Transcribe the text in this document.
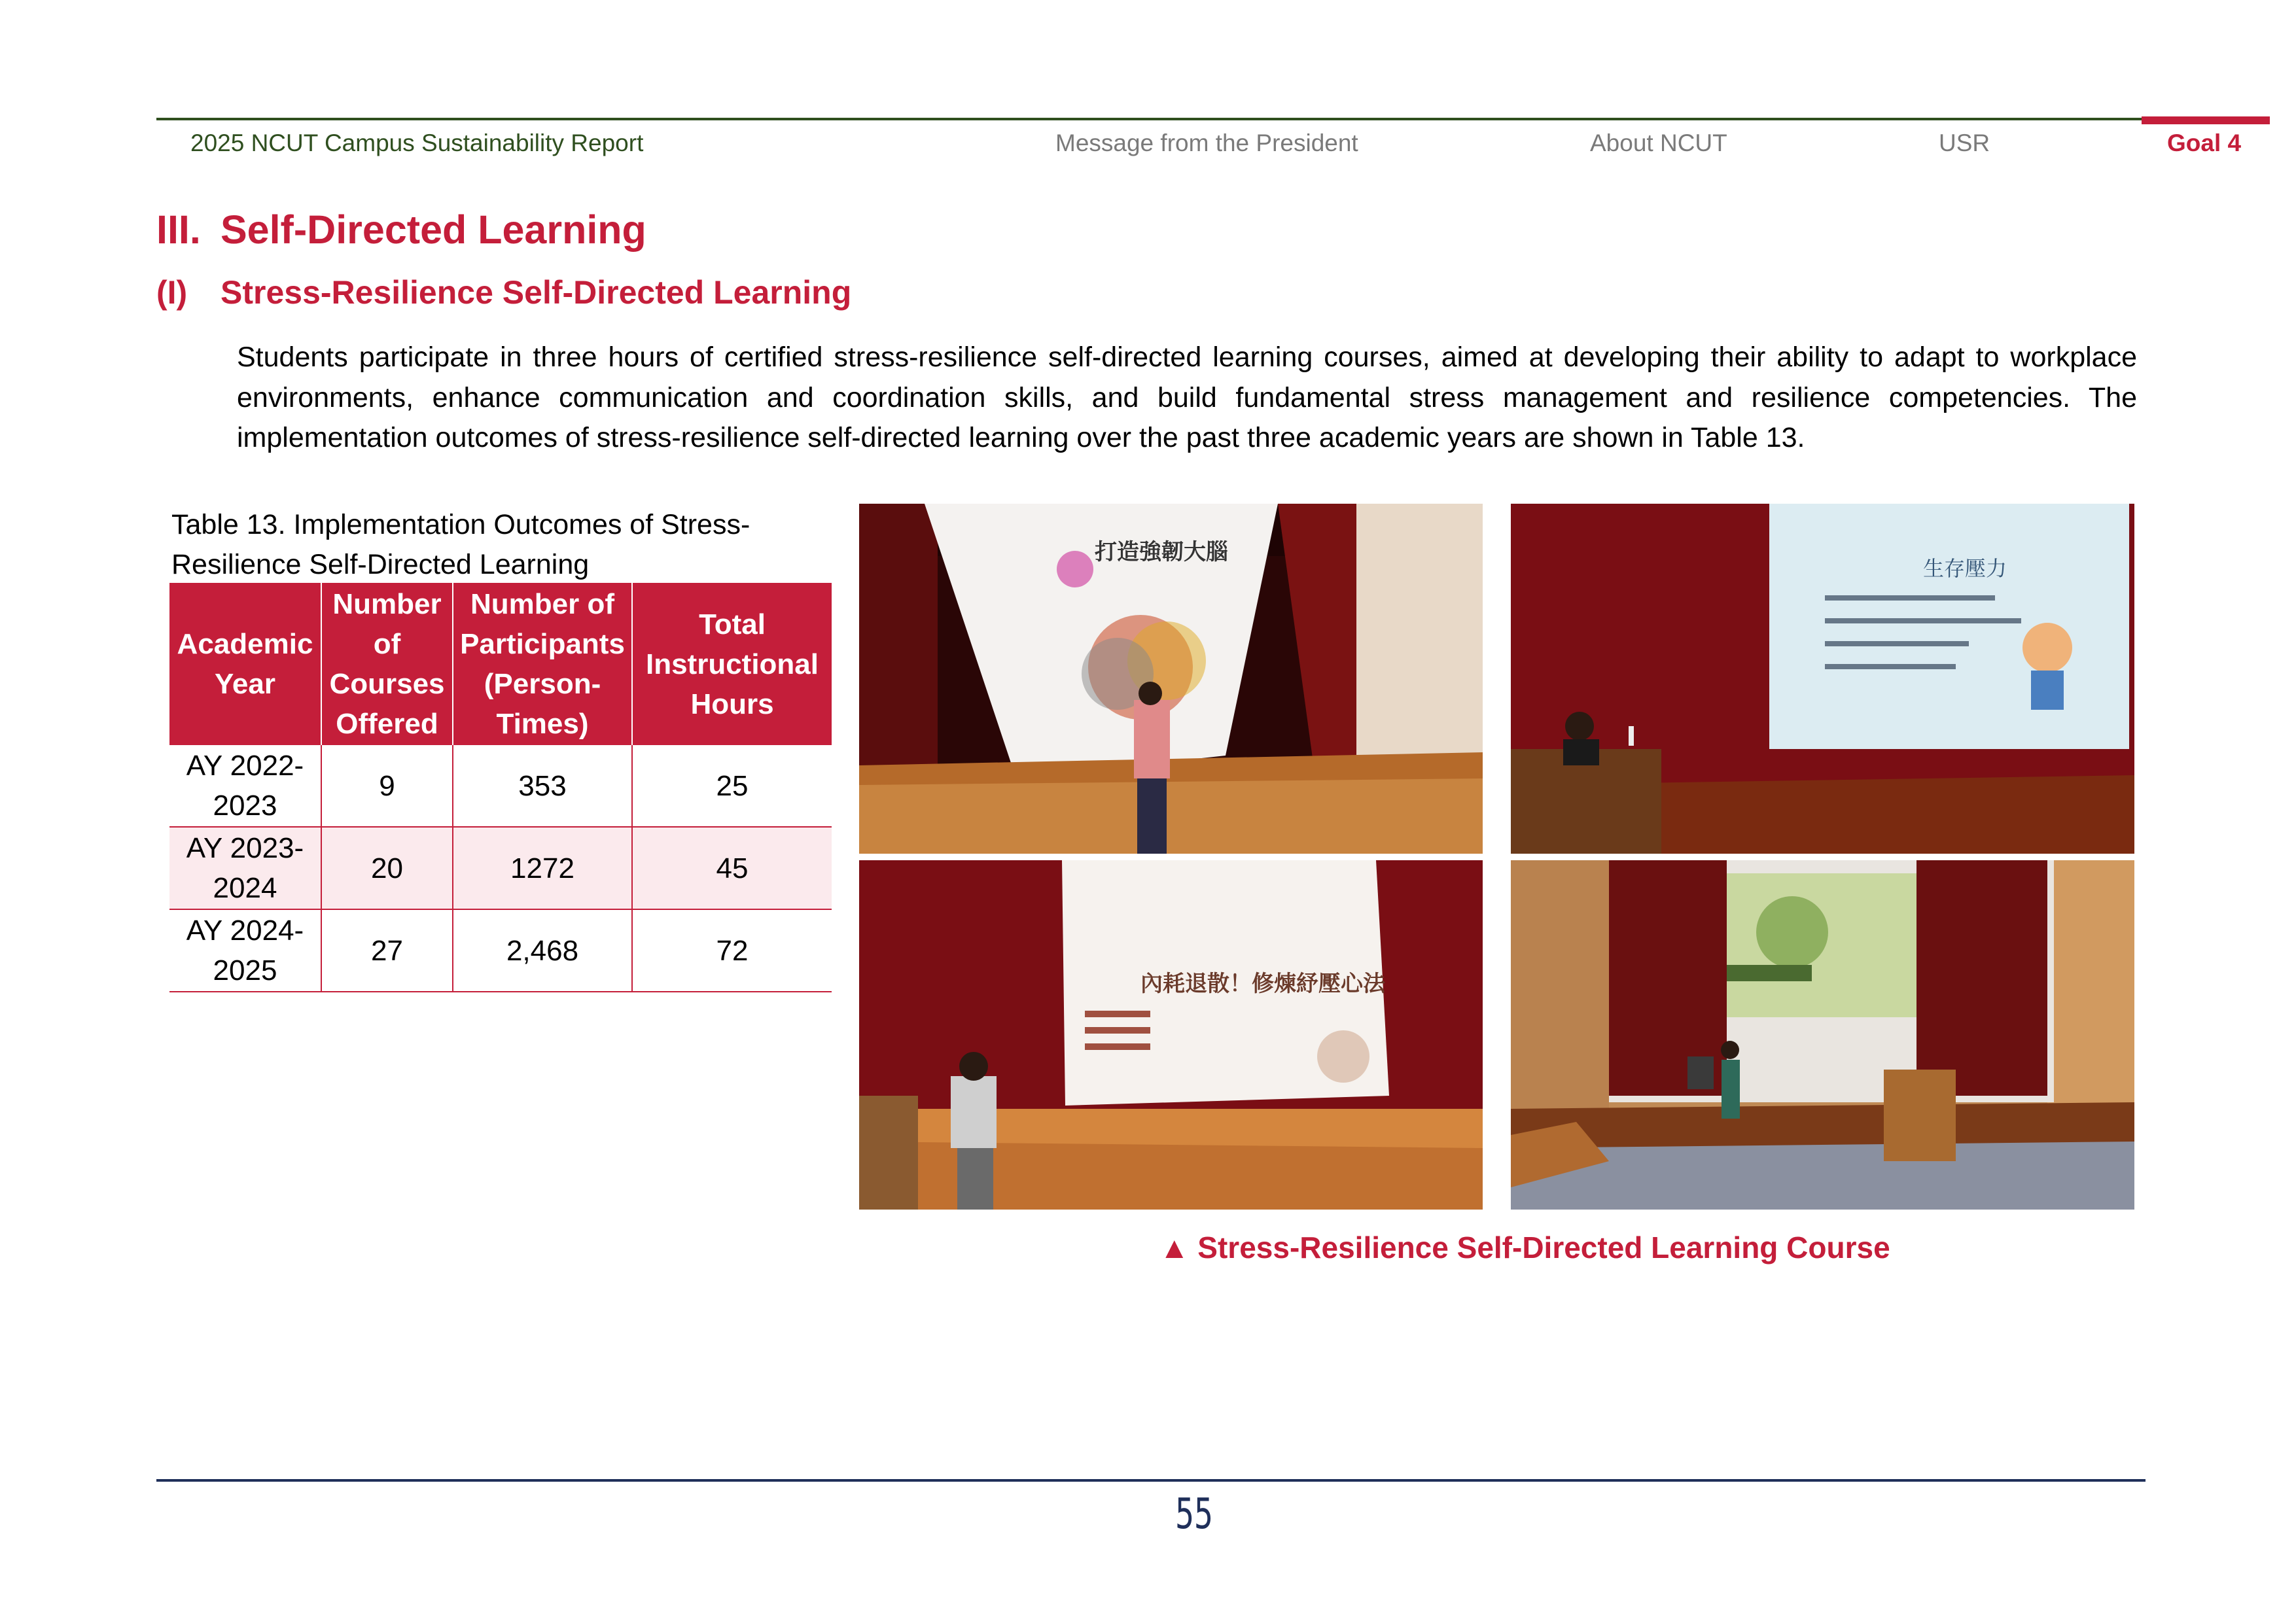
2025 NCUT Campus Sustainability Report	Message from the President	About NCUT	USR	Goal 4
III. Self-Directed Learning
(I) Stress-Resilience Self-Directed Learning
Students participate in three hours of certified stress-resilience self-directed learning courses, aimed at developing their ability to adapt to workplace environments, enhance communication and coordination skills, and build fundamental stress management and resilience competencies. The implementation outcomes of stress-resilience self-directed learning over the past three academic years are shown in Table 13.
Table 13. Implementation Outcomes of Stress-Resilience Self-Directed Learning
Academic Year	Number of Courses Offered	Number of Participants (Person-Times)	Total Instructional Hours
AY 2022-2023	9	353	25
AY 2023-2024	20	1272	45
AY 2024-2025	27	2,468	72
打造強韌大腦
生存壓力
內耗退散！修煉紓壓心法
▲ Stress-Resilience Self-Directed Learning Course
55
